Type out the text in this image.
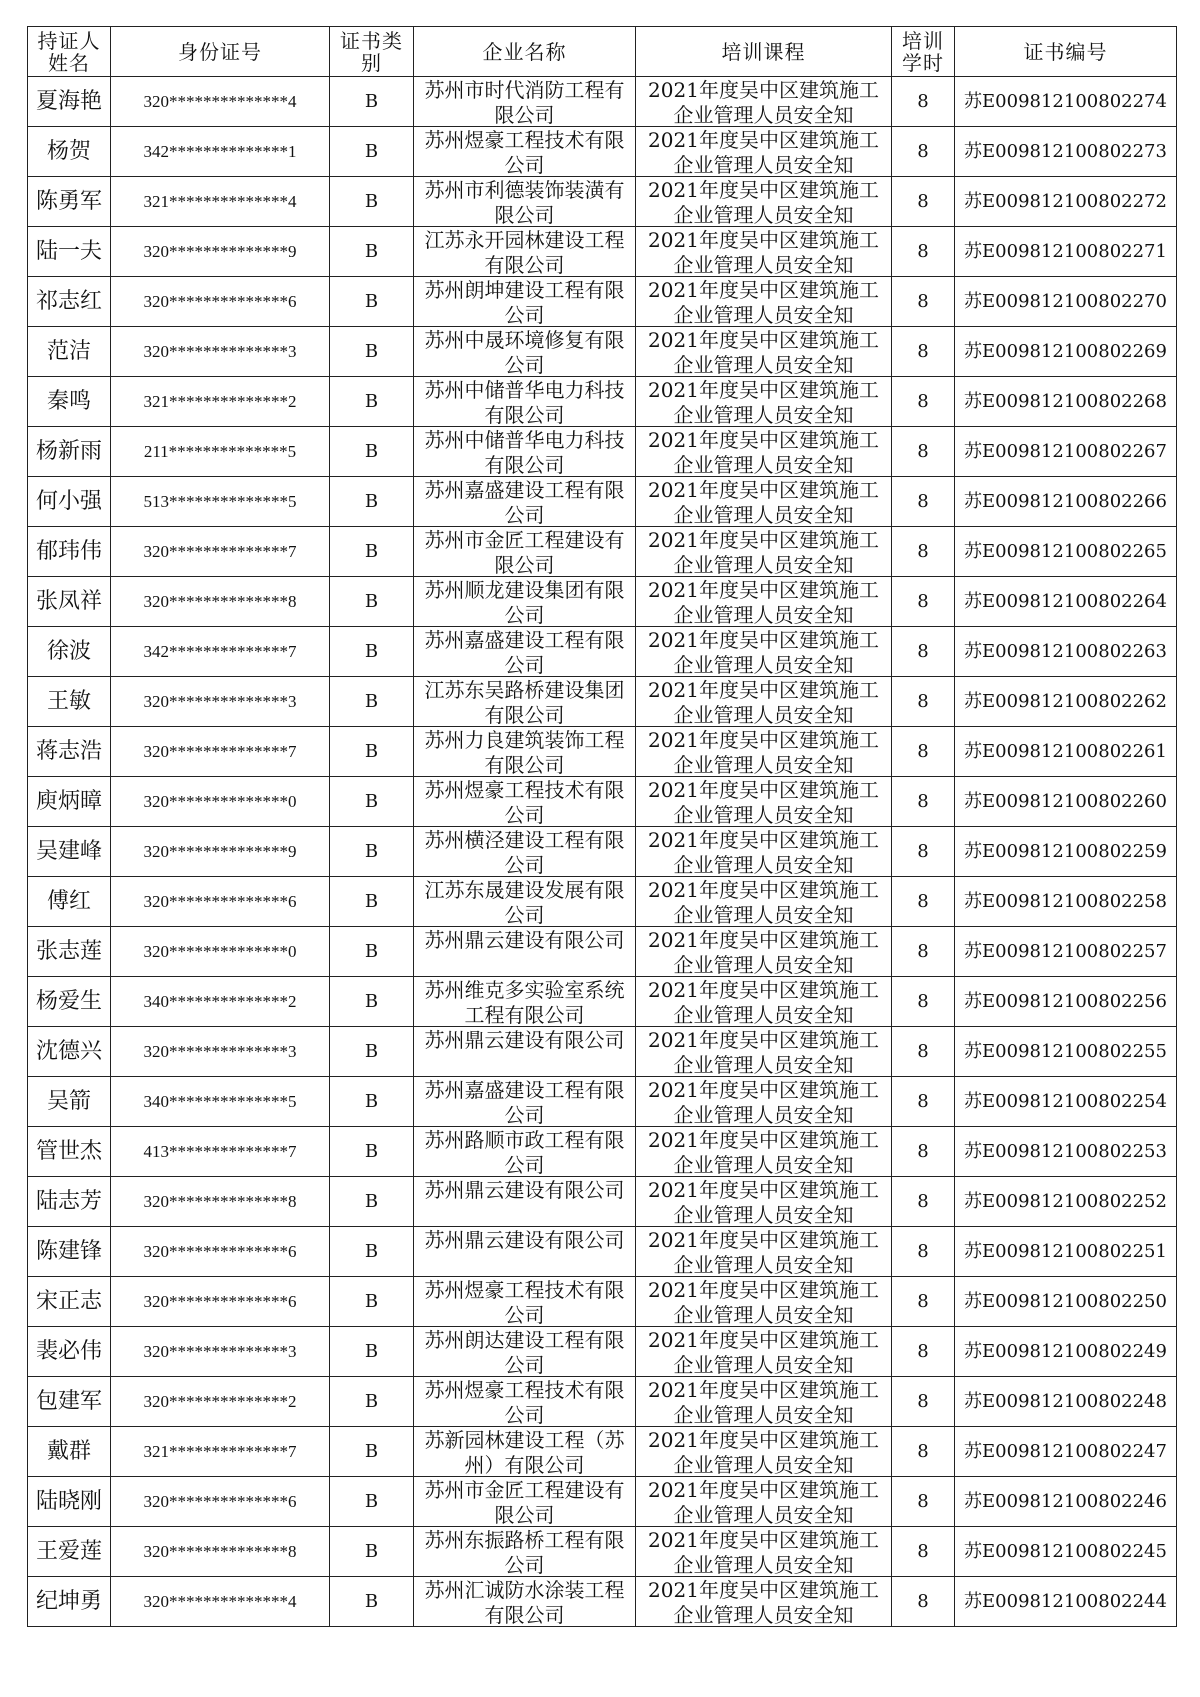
持证人姓名	身份证号	证书类别	企业名称	培训课程	培训学时	证书编号

夏海艳	320**************4	B	苏州市时代消防工程有限公司	2021年度吴中区建筑施工企业管理人员安全知	8	苏E009812100802274

杨贺	342**************1	B	苏州煜豪工程技术有限公司	2021年度吴中区建筑施工企业管理人员安全知	8	苏E009812100802273

陈勇军	321**************4	B	苏州市利德装饰装潢有限公司	2021年度吴中区建筑施工企业管理人员安全知	8	苏E009812100802272

陆一夫	320**************9	B	江苏永开园林建设工程有限公司	2021年度吴中区建筑施工企业管理人员安全知	8	苏E009812100802271

祁志红	320**************6	B	苏州朗坤建设工程有限公司	2021年度吴中区建筑施工企业管理人员安全知	8	苏E009812100802270

范洁	320**************3	B	苏州中晟环境修复有限公司	2021年度吴中区建筑施工企业管理人员安全知	8	苏E009812100802269

秦鸣	321**************2	B	苏州中储普华电力科技有限公司	2021年度吴中区建筑施工企业管理人员安全知	8	苏E009812100802268

杨新雨	211**************5	B	苏州中储普华电力科技有限公司	2021年度吴中区建筑施工企业管理人员安全知	8	苏E009812100802267

何小强	513**************5	B	苏州嘉盛建设工程有限公司	2021年度吴中区建筑施工企业管理人员安全知	8	苏E009812100802266

郁玮伟	320**************7	B	苏州市金匠工程建设有限公司	2021年度吴中区建筑施工企业管理人员安全知	8	苏E009812100802265

张凤祥	320**************8	B	苏州顺龙建设集团有限公司	2021年度吴中区建筑施工企业管理人员安全知	8	苏E009812100802264

徐波	342**************7	B	苏州嘉盛建设工程有限公司	2021年度吴中区建筑施工企业管理人员安全知	8	苏E009812100802263

王敏	320**************3	B	江苏东吴路桥建设集团有限公司	2021年度吴中区建筑施工企业管理人员安全知	8	苏E009812100802262

蒋志浩	320**************7	B	苏州力良建筑装饰工程有限公司	2021年度吴中区建筑施工企业管理人员安全知	8	苏E009812100802261

庾炳暲	320**************0	B	苏州煜豪工程技术有限公司	2021年度吴中区建筑施工企业管理人员安全知	8	苏E009812100802260

吴建峰	320**************9	B	苏州横泾建设工程有限公司	2021年度吴中区建筑施工企业管理人员安全知	8	苏E009812100802259

傅红	320**************6	B	江苏东晟建设发展有限公司	2021年度吴中区建筑施工企业管理人员安全知	8	苏E009812100802258

张志莲	320**************0	B	苏州鼎云建设有限公司	2021年度吴中区建筑施工企业管理人员安全知	8	苏E009812100802257

杨爱生	340**************2	B	苏州维克多实验室系统工程有限公司	2021年度吴中区建筑施工企业管理人员安全知	8	苏E009812100802256

沈德兴	320**************3	B	苏州鼎云建设有限公司	2021年度吴中区建筑施工企业管理人员安全知	8	苏E009812100802255

吴箭	340**************5	B	苏州嘉盛建设工程有限公司	2021年度吴中区建筑施工企业管理人员安全知	8	苏E009812100802254

管世杰	413**************7	B	苏州路顺市政工程有限公司	2021年度吴中区建筑施工企业管理人员安全知	8	苏E009812100802253

陆志芳	320**************8	B	苏州鼎云建设有限公司	2021年度吴中区建筑施工企业管理人员安全知	8	苏E009812100802252

陈建锋	320**************6	B	苏州鼎云建设有限公司	2021年度吴中区建筑施工企业管理人员安全知	8	苏E009812100802251

宋正志	320**************6	B	苏州煜豪工程技术有限公司	2021年度吴中区建筑施工企业管理人员安全知	8	苏E009812100802250

裴必伟	320**************3	B	苏州朗达建设工程有限公司	2021年度吴中区建筑施工企业管理人员安全知	8	苏E009812100802249

包建军	320**************2	B	苏州煜豪工程技术有限公司	2021年度吴中区建筑施工企业管理人员安全知	8	苏E009812100802248

戴群	321**************7	B	苏新园林建设工程（苏州）有限公司	2021年度吴中区建筑施工企业管理人员安全知	8	苏E009812100802247

陆晓刚	320**************6	B	苏州市金匠工程建设有限公司	2021年度吴中区建筑施工企业管理人员安全知	8	苏E009812100802246

王爱莲	320**************8	B	苏州东振路桥工程有限公司	2021年度吴中区建筑施工企业管理人员安全知	8	苏E009812100802245

纪坤勇	320**************4	B	苏州汇诚防水涂装工程有限公司	2021年度吴中区建筑施工企业管理人员安全知	8	苏E009812100802244
